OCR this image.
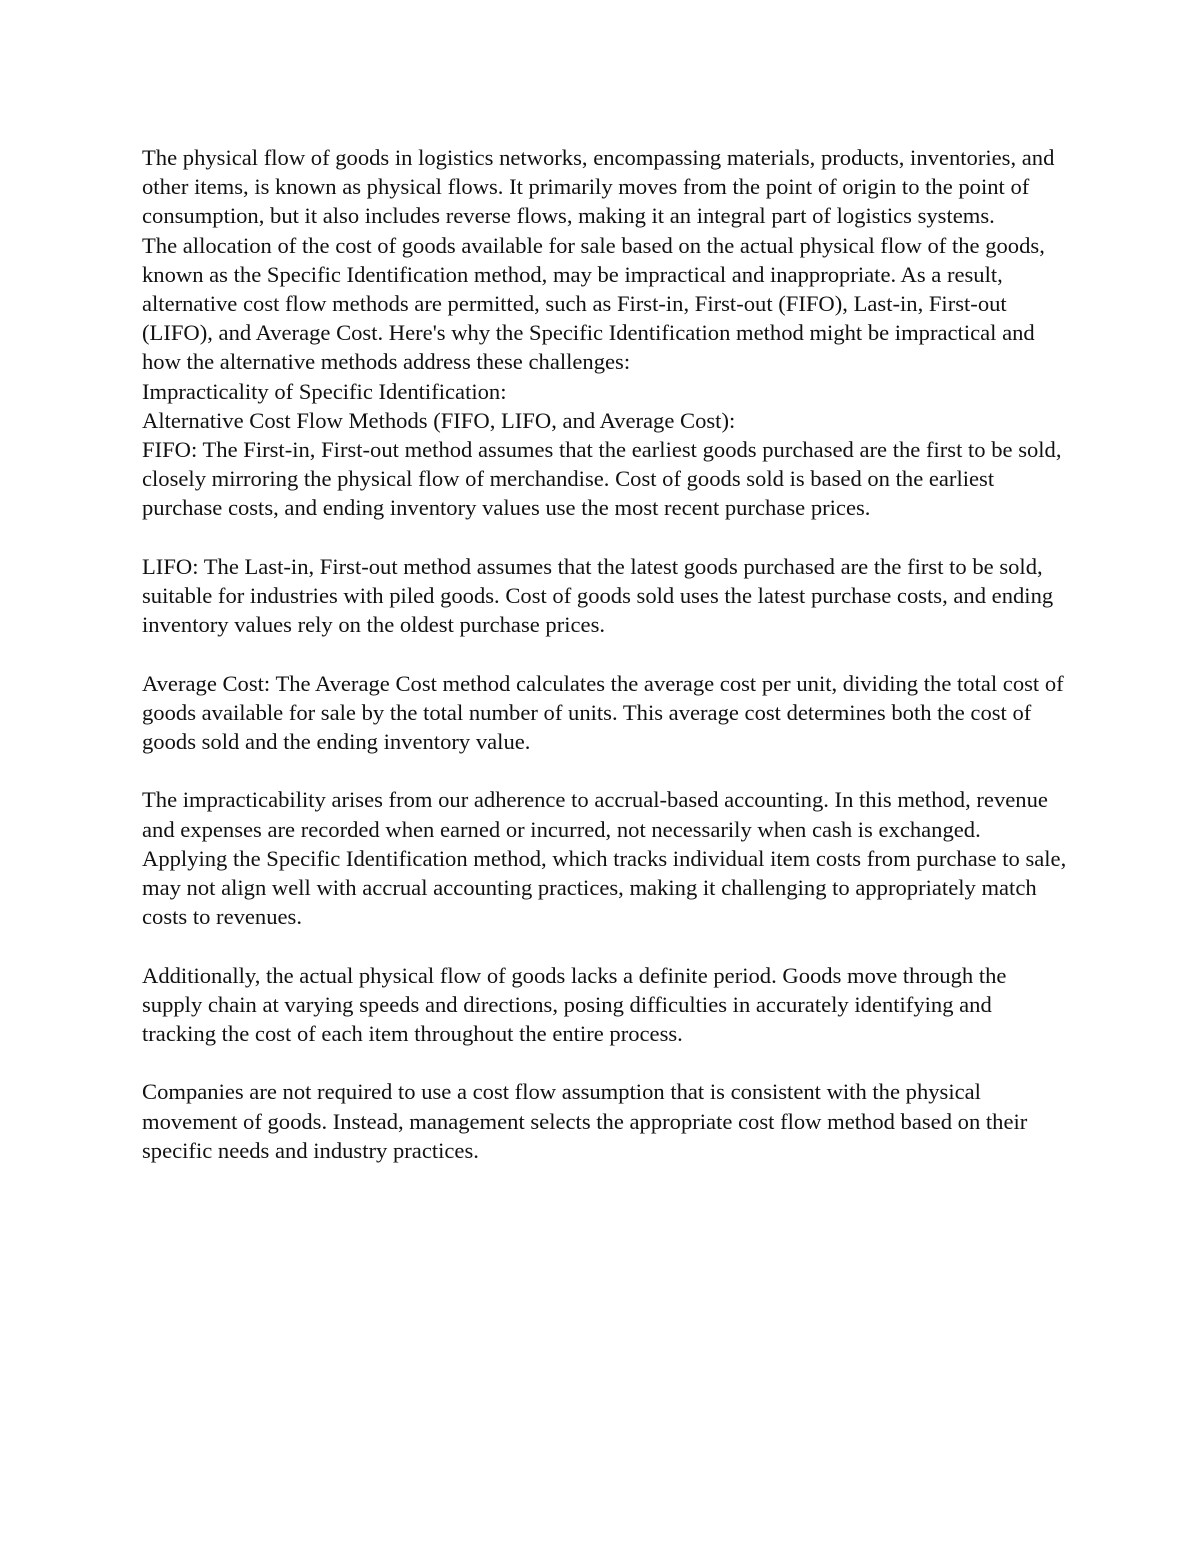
The physical flow of goods in logistics networks, encompassing materials, products, inventories, and other items, is known as physical flows. It primarily moves from the point of origin to the point of consumption, but it also includes reverse flows, making it an integral part of logistics systems.

The allocation of the cost of goods available for sale based on the actual physical flow of the goods, known as the Specific Identification method, may be impractical and inappropriate. As a result, alternative cost flow methods are permitted, such as First-in, First-out (FIFO), Last-in, First-out (LIFO), and Average Cost. Here's why the Specific Identification method might be impractical and how the alternative methods address these challenges:

Impracticality of Specific Identification:

Alternative Cost Flow Methods (FIFO, LIFO, and Average Cost):

FIFO: The First-in, First-out method assumes that the earliest goods purchased are the first to be sold, closely mirroring the physical flow of merchandise. Cost of goods sold is based on the earliest purchase costs, and ending inventory values use the most recent purchase prices.

LIFO: The Last-in, First-out method assumes that the latest goods purchased are the first to be sold, suitable for industries with piled goods. Cost of goods sold uses the latest purchase costs, and ending inventory values rely on the oldest purchase prices.

Average Cost: The Average Cost method calculates the average cost per unit, dividing the total cost of goods available for sale by the total number of units. This average cost determines both the cost of goods sold and the ending inventory value.

The impracticability arises from our adherence to accrual-based accounting. In this method, revenue and expenses are recorded when earned or incurred, not necessarily when cash is exchanged. Applying the Specific Identification method, which tracks individual item costs from purchase to sale, may not align well with accrual accounting practices, making it challenging to appropriately match costs to revenues.

Additionally, the actual physical flow of goods lacks a definite period. Goods move through the supply chain at varying speeds and directions, posing difficulties in accurately identifying and tracking the cost of each item throughout the entire process.

Companies are not required to use a cost flow assumption that is consistent with the physical movement of goods. Instead, management selects the appropriate cost flow method based on their specific needs and industry practices.
